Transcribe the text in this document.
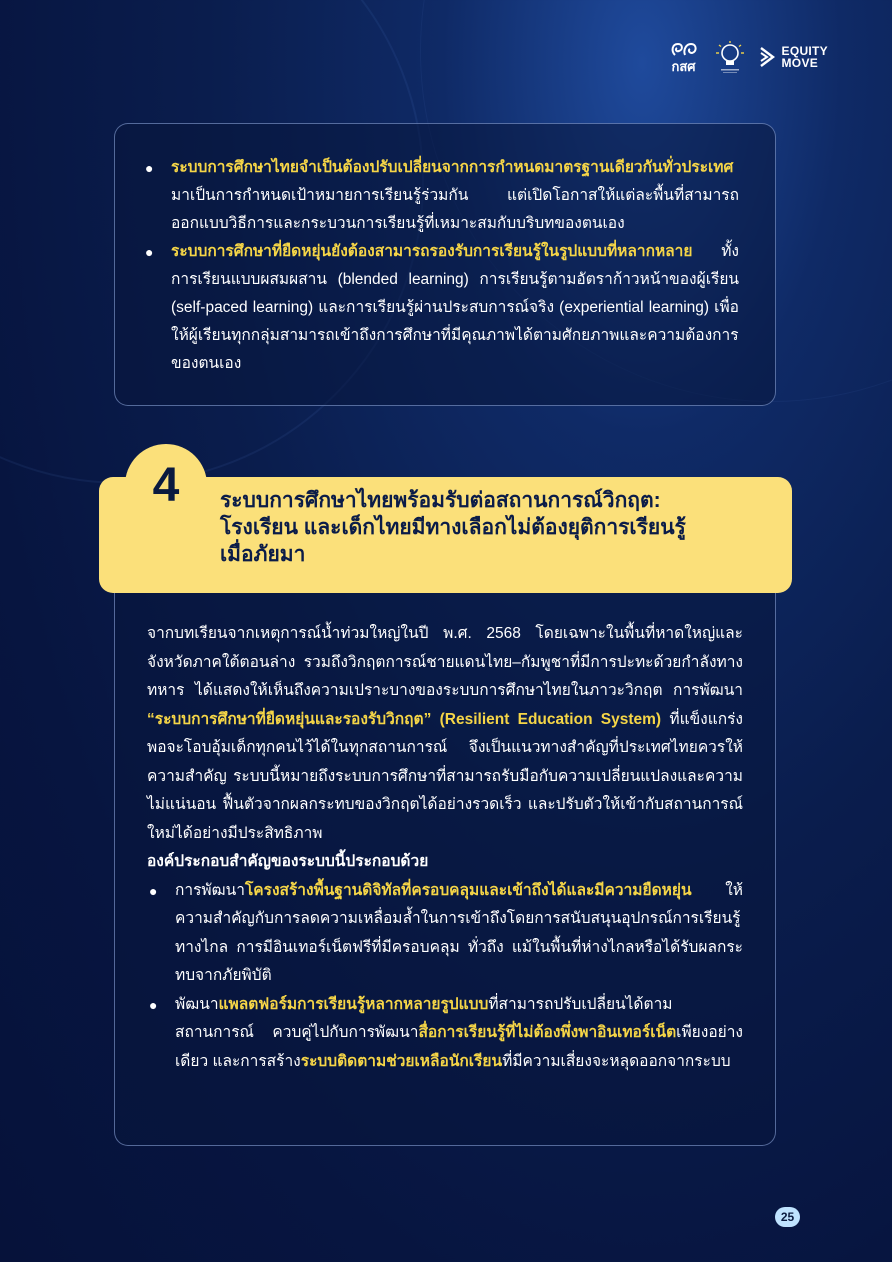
กสศ
EQUITY
MOVE
● ระบบการศึกษาไทยจำเป็นต้องปรับเปลี่ยนจากการกำหนดมาตรฐานเดียวกันทั่วประเทศ มาเป็นการกำหนดเป้าหมายการเรียนรู้ร่วมกัน แต่เปิดโอกาสให้แต่ละพื้นที่สามารถออกแบบวิธีการและกระบวนการเรียนรู้ที่เหมาะสมกับบริบทของตนเอง
● ระบบการศึกษาที่ยืดหยุ่นยังต้องสามารถรองรับการเรียนรู้ในรูปแบบที่หลากหลาย ทั้งการเรียนแบบผสมผสาน (blended learning) การเรียนรู้ตามอัตราก้าวหน้าของผู้เรียน (self-paced learning) และการเรียนรู้ผ่านประสบการณ์จริง (experiential learning) เพื่อให้ผู้เรียนทุกกลุ่มสามารถเข้าถึงการศึกษาที่มีคุณภาพได้ตามศักยภาพและความต้องการของตนเอง
4	ระบบการศึกษาไทยพร้อมรับต่อสถานการณ์วิกฤต:
โรงเรียน และเด็กไทยมีทางเลือกไม่ต้องยุติการเรียนรู้
เมื่อภัยมา

จากบทเรียนจากเหตุการณ์น้ำท่วมใหญ่ในปี พ.ศ. 2568 โดยเฉพาะในพื้นที่หาดใหญ่และจังหวัดภาคใต้ตอนล่าง รวมถึงวิกฤตการณ์ชายแดนไทย–กัมพูชาที่มีการปะทะด้วยกำลังทางทหาร ได้แสดงให้เห็นถึงความเปราะบางของระบบการศึกษาไทยในภาวะวิกฤต การพัฒนา “ระบบการศึกษาที่ยืดหยุ่นและรองรับวิกฤต” (Resilient Education System) ที่แข็งแกร่งพอจะโอบอุ้มเด็กทุกคนไว้ได้ในทุกสถานการณ์ จึงเป็นแนวทางสำคัญที่ประเทศไทยควรให้ความสำคัญ ระบบนี้หมายถึงระบบการศึกษาที่สามารถรับมือกับความเปลี่ยนแปลงและความไม่แน่นอน ฟื้นตัวจากผลกระทบของวิกฤตได้อย่างรวดเร็ว และปรับตัวให้เข้ากับสถานการณ์ใหม่ได้อย่างมีประสิทธิภาพ

องค์ประกอบสำคัญของระบบนี้ประกอบด้วย

● การพัฒนาโครงสร้างพื้นฐานดิจิทัลที่ครอบคลุมและเข้าถึงได้และมีความยืดหยุ่น ให้ความสำคัญกับการลดความเหลื่อมล้ำในการเข้าถึงโดยการสนับสนุนอุปกรณ์การเรียนรู้ทางไกล การมีอินเทอร์เน็ตฟรีที่มีครอบคลุม ทั่วถึง แม้ในพื้นที่ห่างไกลหรือได้รับผลกระทบจากภัยพิบัติ
● พัฒนาแพลตฟอร์มการเรียนรู้หลากหลายรูปแบบที่สามารถปรับเปลี่ยนได้ตามสถานการณ์ ควบคู่ไปกับการพัฒนาสื่อการเรียนรู้ที่ไม่ต้องพึ่งพาอินเทอร์เน็ตเพียงอย่างเดียว และการสร้างระบบติดตามช่วยเหลือนักเรียนที่มีความเสี่ยงจะหลุดออกจากระบบ
25
